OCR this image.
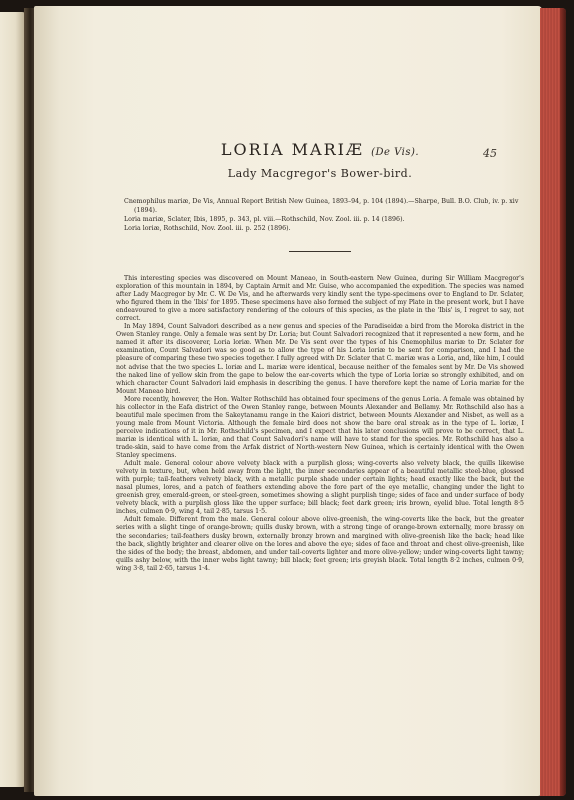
45

LORIA MARIÆ (De Vis).

Lady Macgregor's Bower-bird.

Cnemophilus mariæ, De Vis, Annual Report British New Guinea, 1893–94, p. 104 (1894).—Sharpe, Bull. B.O. Club, iv. p. xiv (1894).
Loria mariæ, Sclater, Ibis, 1895, p. 343, pl. viii.—Rothschild, Nov. Zool. iii. p. 14 (1896).
Loria loriæ, Rothschild, Nov. Zool. iii. p. 252 (1896).

This interesting species was discovered on Mount Maneao, in South-eastern New Guinea, during Sir William Macgregor's exploration of this mountain in 1894, by Captain Armit and Mr. Guise, who accompanied the expedition. The species was named after Lady Macgregor by Mr. C. W. De Vis, and he afterwards very kindly sent the type-specimens over to England to Dr. Sclater, who figured them in the 'Ibis' for 1895. These specimens have also formed the subject of my Plate in the present work, but I have endeavoured to give a more satisfactory rendering of the colours of this species, as the plate in the 'Ibis' is, I regret to say, not correct.

In May 1894, Count Salvadori described as a new genus and species of the Paradiseidæ a bird from the Moroka district in the Owen Stanley range. Only a female was sent by Dr. Loria; but Count Salvadori recognized that it represented a new form, and he named it after its discoverer, Loria loriæ. When Mr. De Vis sent over the types of his Cnemophilus mariæ to Dr. Sclater for examination, Count Salvadori was so good as to allow the type of his Loria loriæ to be sent for comparison, and I had the pleasure of comparing these two species together. I fully agreed with Dr. Sclater that C. mariæ was a Loria, and, like him, I could not advise that the two species L. loriæ and L. mariæ were identical, because neither of the females sent by Mr. De Vis showed the naked line of yellow skin from the gape to below the ear-coverts which the type of Loria loriæ so strongly exhibited, and on which character Count Salvadori laid emphasis in describing the genus. I have therefore kept the name of Loria mariæ for the Mount Maneao bird.

More recently, however, the Hon. Walter Rothschild has obtained four specimens of the genus Loria. A female was obtained by his collector in the Eafa district of the Owen Stanley range, between Mounts Alexander and Bellamy. Mr. Rothschild also has a beautiful male specimen from the Sakeytanamu range in the Kaiori district, between Mounts Alexander and Nisbet, as well as a young male from Mount Victoria. Although the female bird does not show the bare oral streak as in the type of L. loriæ, I perceive indications of it in Mr. Rothschild's specimen, and I expect that his later conclusions will prove to be correct, that L. mariæ is identical with L. loriæ, and that Count Salvadori's name will have to stand for the species. Mr. Rothschild has also a trade-skin, said to have come from the Arfak district of North-western New Guinea, which is certainly identical with the Owen Stanley specimens.

Adult male. General colour above velvety black with a purplish gloss; wing-coverts also velvety black, the quills likewise velvety in texture, but, when held away from the light, the inner secondaries appear of a beautiful metallic steel-blue, glossed with purple; tail-feathers velvety black, with a metallic purple shade under certain lights; head exactly like the back, but the nasal plumes, lores, and a patch of feathers extending above the fore part of the eye metallic, changing under the light to greenish grey, emerald-green, or steel-green, sometimes showing a slight purplish tinge; sides of face and under surface of body velvety black, with a purplish gloss like the upper surface; bill black; feet dark green; iris brown, eyelid blue. Total length 8·5 inches, culmen 0·9, wing 4, tail 2·85, tarsus 1·5.

Adult female. Different from the male. General colour above olive-greenish, the wing-coverts like the back, but the greater series with a slight tinge of orange-brown; quills dusky brown, with a strong tinge of orange-brown externally, more brassy on the secondaries; tail-feathers dusky brown, externally bronzy brown and margined with olive-greenish like the back; head like the back, slightly brighter and clearer olive on the lores and above the eye; sides of face and throat and chest olive-greenish, like the sides of the body; the breast, abdomen, and under tail-coverts lighter and more olive-yellow; under wing-coverts light tawny; quills ashy below, with the inner webs light tawny; bill black; feet green; iris greyish black. Total length 8·2 inches, culmen 0·9, wing 3·8, tail 2·65, tarsus 1·4.
